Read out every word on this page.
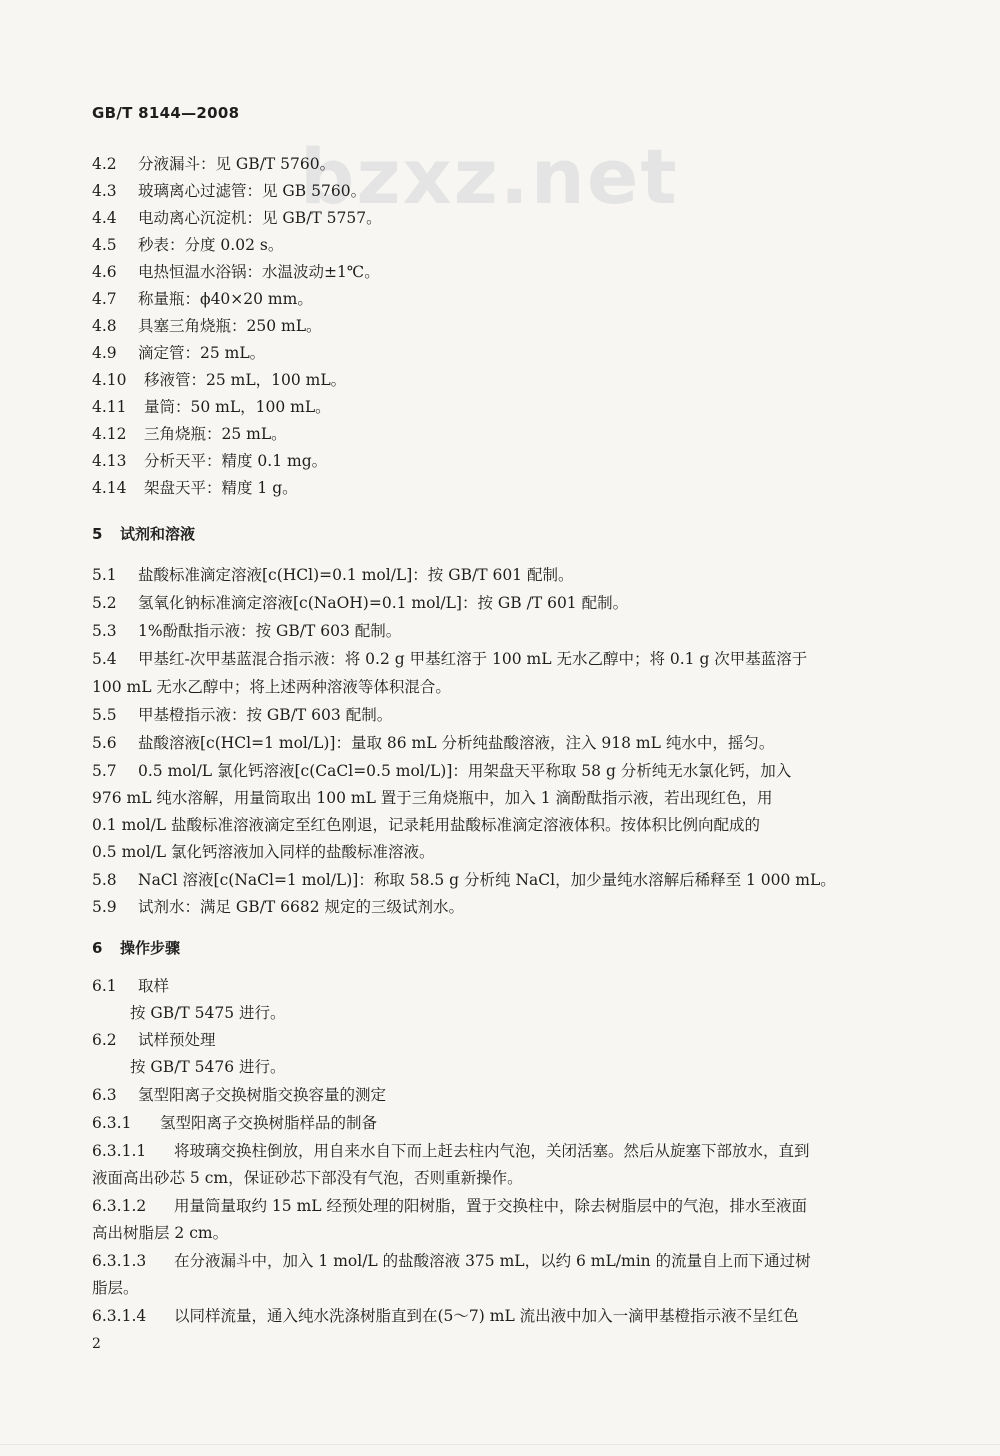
bzxz.net
GB/T 8144—2008
4.2 分液漏斗：见 GB/T 5760。
4.3 玻璃离心过滤管：见 GB 5760。
4.4 电动离心沉淀机：见 GB/T 5757。
4.5 秒表：分度 0.02 s。
4.6 电热恒温水浴锅：水温波动±1℃。
4.7 称量瓶：ϕ40×20 mm。
4.8 具塞三角烧瓶：250 mL。
4.9 滴定管：25 mL。
4.10 移液管：25 mL，100 mL。
4.11 量筒：50 mL，100 mL。
4.12 三角烧瓶：25 mL。
4.13 分析天平：精度 0.1 mg。
4.14 架盘天平：精度 1 g。
5 试剂和溶液
5.1 盐酸标准滴定溶液[c(HCl)=0.1 mol/L]：按 GB/T 601 配制。
5.2 氢氧化钠标准滴定溶液[c(NaOH)=0.1 mol/L]：按 GB /T 601 配制。
5.3 1%酚酞指示液：按 GB/T 603 配制。
5.4 甲基红-次甲基蓝混合指示液：将 0.2 g 甲基红溶于 100 mL 无水乙醇中；将 0.1 g 次甲基蓝溶于
100 mL 无水乙醇中；将上述两种溶液等体积混合。
5.5 甲基橙指示液：按 GB/T 603 配制。
5.6 盐酸溶液[c(HCl=1 mol/L)]：量取 86 mL 分析纯盐酸溶液，注入 918 mL 纯水中，摇匀。
5.7 0.5 mol/L 氯化钙溶液[c(CaCl=0.5 mol/L)]：用架盘天平称取 58 g 分析纯无水氯化钙，加入
976 mL 纯水溶解，用量筒取出 100 mL 置于三角烧瓶中，加入 1 滴酚酞指示液，若出现红色，用
0.1 mol/L 盐酸标准溶液滴定至红色刚退，记录耗用盐酸标准滴定溶液体积。按体积比例向配成的
0.5 mol/L 氯化钙溶液加入同样的盐酸标准溶液。
5.8 NaCl 溶液[c(NaCl=1 mol/L)]：称取 58.5 g 分析纯 NaCl，加少量纯水溶解后稀释至 1 000 mL。
5.9 试剂水：满足 GB/T 6682 规定的三级试剂水。
6 操作步骤
6.1 取样
按 GB/T 5475 进行。
6.2 试样预处理
按 GB/T 5476 进行。
6.3 氢型阳离子交换树脂交换容量的测定
6.3.1 氢型阳离子交换树脂样品的制备
6.3.1.1 将玻璃交换柱倒放，用自来水自下而上赶去柱内气泡，关闭活塞。然后从旋塞下部放水，直到
液面高出砂芯 5 cm，保证砂芯下部没有气泡，否则重新操作。
6.3.1.2 用量筒量取约 15 mL 经预处理的阳树脂，置于交换柱中，除去树脂层中的气泡，排水至液面
高出树脂层 2 cm。
6.3.1.3 在分液漏斗中，加入 1 mol/L 的盐酸溶液 375 mL，以约 6 mL/min 的流量自上而下通过树
脂层。
6.3.1.4 以同样流量，通入纯水洗涤树脂直到在(5～7) mL 流出液中加入一滴甲基橙指示液不呈红色
2
